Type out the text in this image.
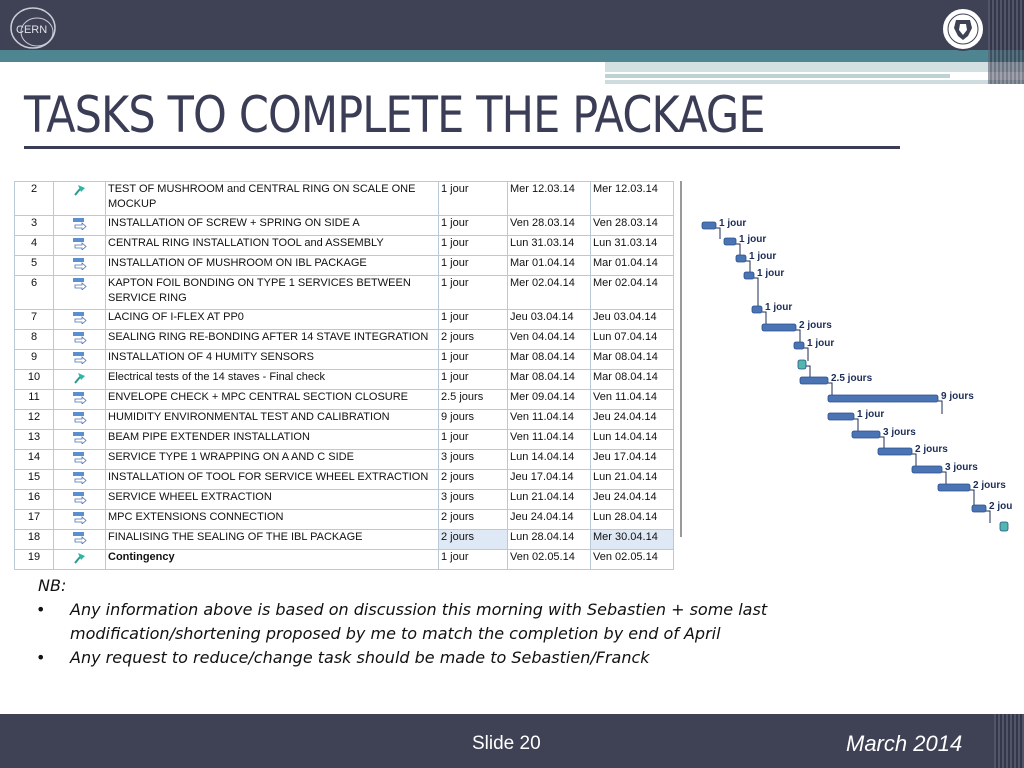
CERN
TASKS TO COMPLETE THE PACKAGE
2		TEST OF MUSHROOM and CENTRAL RING ON SCALE ONE MOCKUP	1 jour	Mer 12.03.14	Mer 12.03.14
3		INSTALLATION OF SCREW + SPRING ON SIDE A	1 jour	Ven 28.03.14	Ven 28.03.14
4		CENTRAL RING INSTALLATION TOOL and ASSEMBLY	1 jour	Lun 31.03.14	Lun 31.03.14
5		INSTALLATION OF MUSHROOM ON IBL PACKAGE	1 jour	Mar 01.04.14	Mar 01.04.14
6		KAPTON FOIL BONDING ON TYPE 1 SERVICES BETWEEN SERVICE RING	1 jour	Mer 02.04.14	Mer 02.04.14
7		LACING OF I-FLEX AT PP0	1 jour	Jeu 03.04.14	Jeu 03.04.14
8		SEALING RING RE-BONDING AFTER 14 STAVE INTEGRATION	2 jours	Ven 04.04.14	Lun 07.04.14
9		INSTALLATION OF 4 HUMITY SENSORS	1 jour	Mar 08.04.14	Mar 08.04.14
10		Electrical tests of the 14 staves - Final check	1 jour	Mar 08.04.14	Mar 08.04.14
11		ENVELOPE CHECK + MPC CENTRAL SECTION CLOSURE	2.5 jours	Mer 09.04.14	Ven 11.04.14
12		HUMIDITY ENVIRONMENTAL TEST AND CALIBRATION	9 jours	Ven 11.04.14	Jeu 24.04.14
13		BEAM PIPE EXTENDER INSTALLATION	1 jour	Ven 11.04.14	Lun 14.04.14
14		SERVICE TYPE 1 WRAPPING ON A AND C SIDE	3 jours	Lun 14.04.14	Jeu 17.04.14
15		INSTALLATION OF TOOL FOR SERVICE WHEEL EXTRACTION	2 jours	Jeu 17.04.14	Lun 21.04.14
16		SERVICE WHEEL EXTRACTION	3 jours	Lun 21.04.14	Jeu 24.04.14
17		MPC EXTENSIONS CONNECTION	2 jours	Jeu 24.04.14	Lun 28.04.14
18		FINALISING THE SEALING OF THE IBL PACKAGE	2 jours	Lun 28.04.14	Mer 30.04.14
19		Contingency	1 jour	Ven 02.05.14	Ven 02.05.14
1 jour
1 jour
1 jour
1 jour
1 jour
2 jours
1 jour
2.5 jours
9 jours
1 jour
3 jours
2 jours
3 jours
2 jours
2 jou
NB:
• Any information above is based on discussion this morning with Sebastien + some last modification/shortening proposed by me to match the completion by end of April
• Any request to reduce/change task should be made to Sebastien/Franck
Slide 20	March 2014
